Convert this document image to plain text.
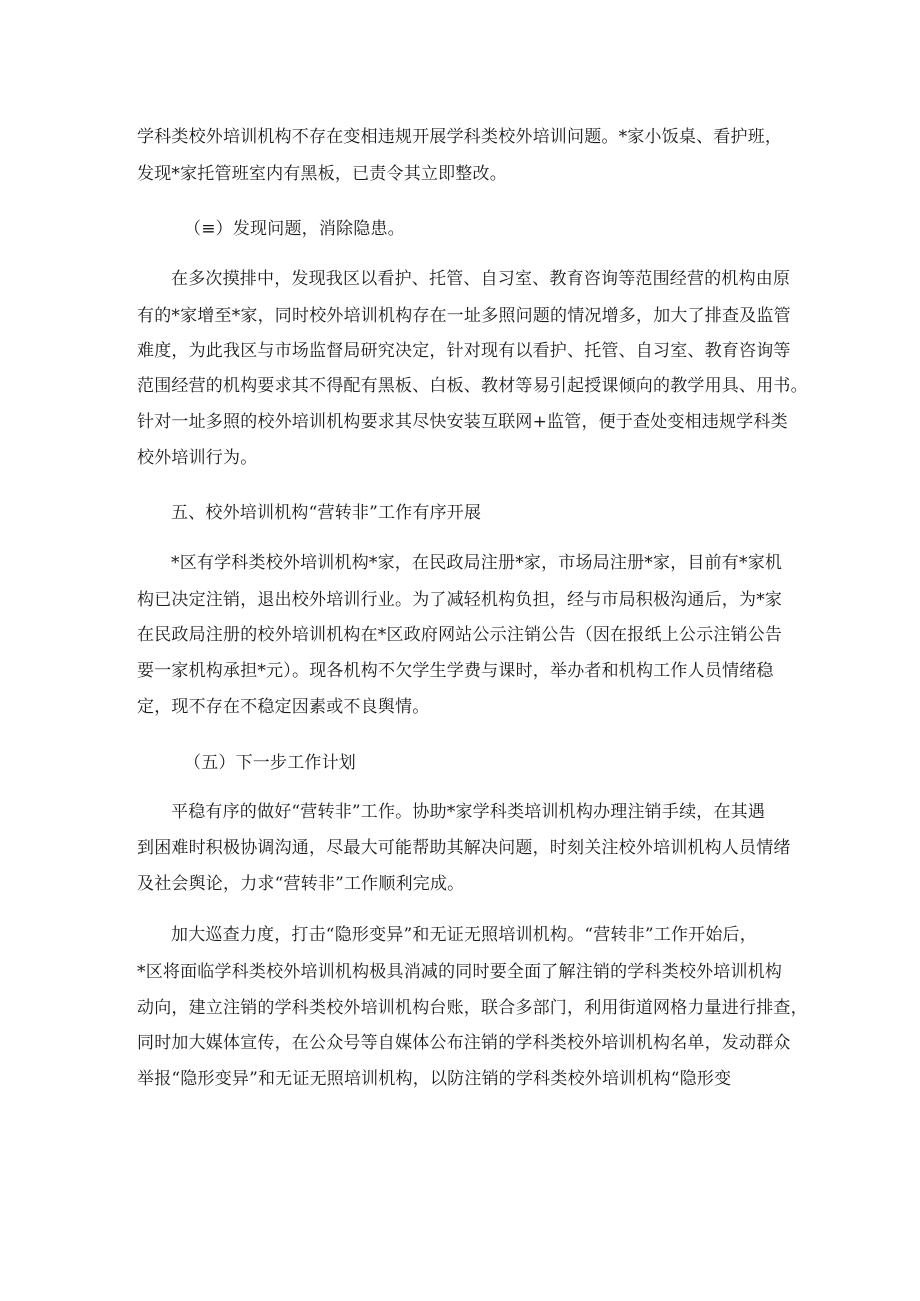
学科类校外培训机构不存在变相违规开展学科类校外培训问题。*家小饭桌、看护班，
发现*家托管班室内有黑板，已责令其立即整改。
（≡）发现问题，消除隐患。
在多次摸排中，发现我区以看护、托管、自习室、教育咨询等范围经营的机构由原
有的*家增至*家，同时校外培训机构存在一址多照问题的情况增多，加大了排查及监管
难度，为此我区与市场监督局研究决定，针对现有以看护、托管、自习室、教育咨询等
范围经营的机构要求其不得配有黑板、白板、教材等易引起授课倾向的教学用具、用书。
针对一址多照的校外培训机构要求其尽快安装互联网+监管，便于查处变相违规学科类
校外培训行为。
五、校外培训机构“营转非”工作有序开展
*区有学科类校外培训机构*家，在民政局注册*家，市场局注册*家，目前有*家机
构已决定注销，退出校外培训行业。为了减轻机构负担，经与市局积极沟通后，为*家
在民政局注册的校外培训机构在*区政府网站公示注销公告（因在报纸上公示注销公告
要一家机构承担*元）。现各机构不欠学生学费与课时，举办者和机构工作人员情绪稳
定，现不存在不稳定因素或不良舆情。
（五）下一步工作计划
平稳有序的做好“营转非”工作。协助*家学科类培训机构办理注销手续，在其遇
到困难时积极协调沟通，尽最大可能帮助其解决问题，时刻关注校外培训机构人员情绪
及社会舆论，力求“营转非”工作顺利完成。
加大巡查力度，打击“隐形变异”和无证无照培训机构。“营转非”工作开始后，
*区将面临学科类校外培训机构极具消减的同时要全面了解注销的学科类校外培训机构
动向，建立注销的学科类校外培训机构台账，联合多部门，利用街道网格力量进行排查，
同时加大媒体宣传，在公众号等自媒体公布注销的学科类校外培训机构名单，发动群众
举报“隐形变异”和无证无照培训机构，以防注销的学科类校外培训机构“隐形变
